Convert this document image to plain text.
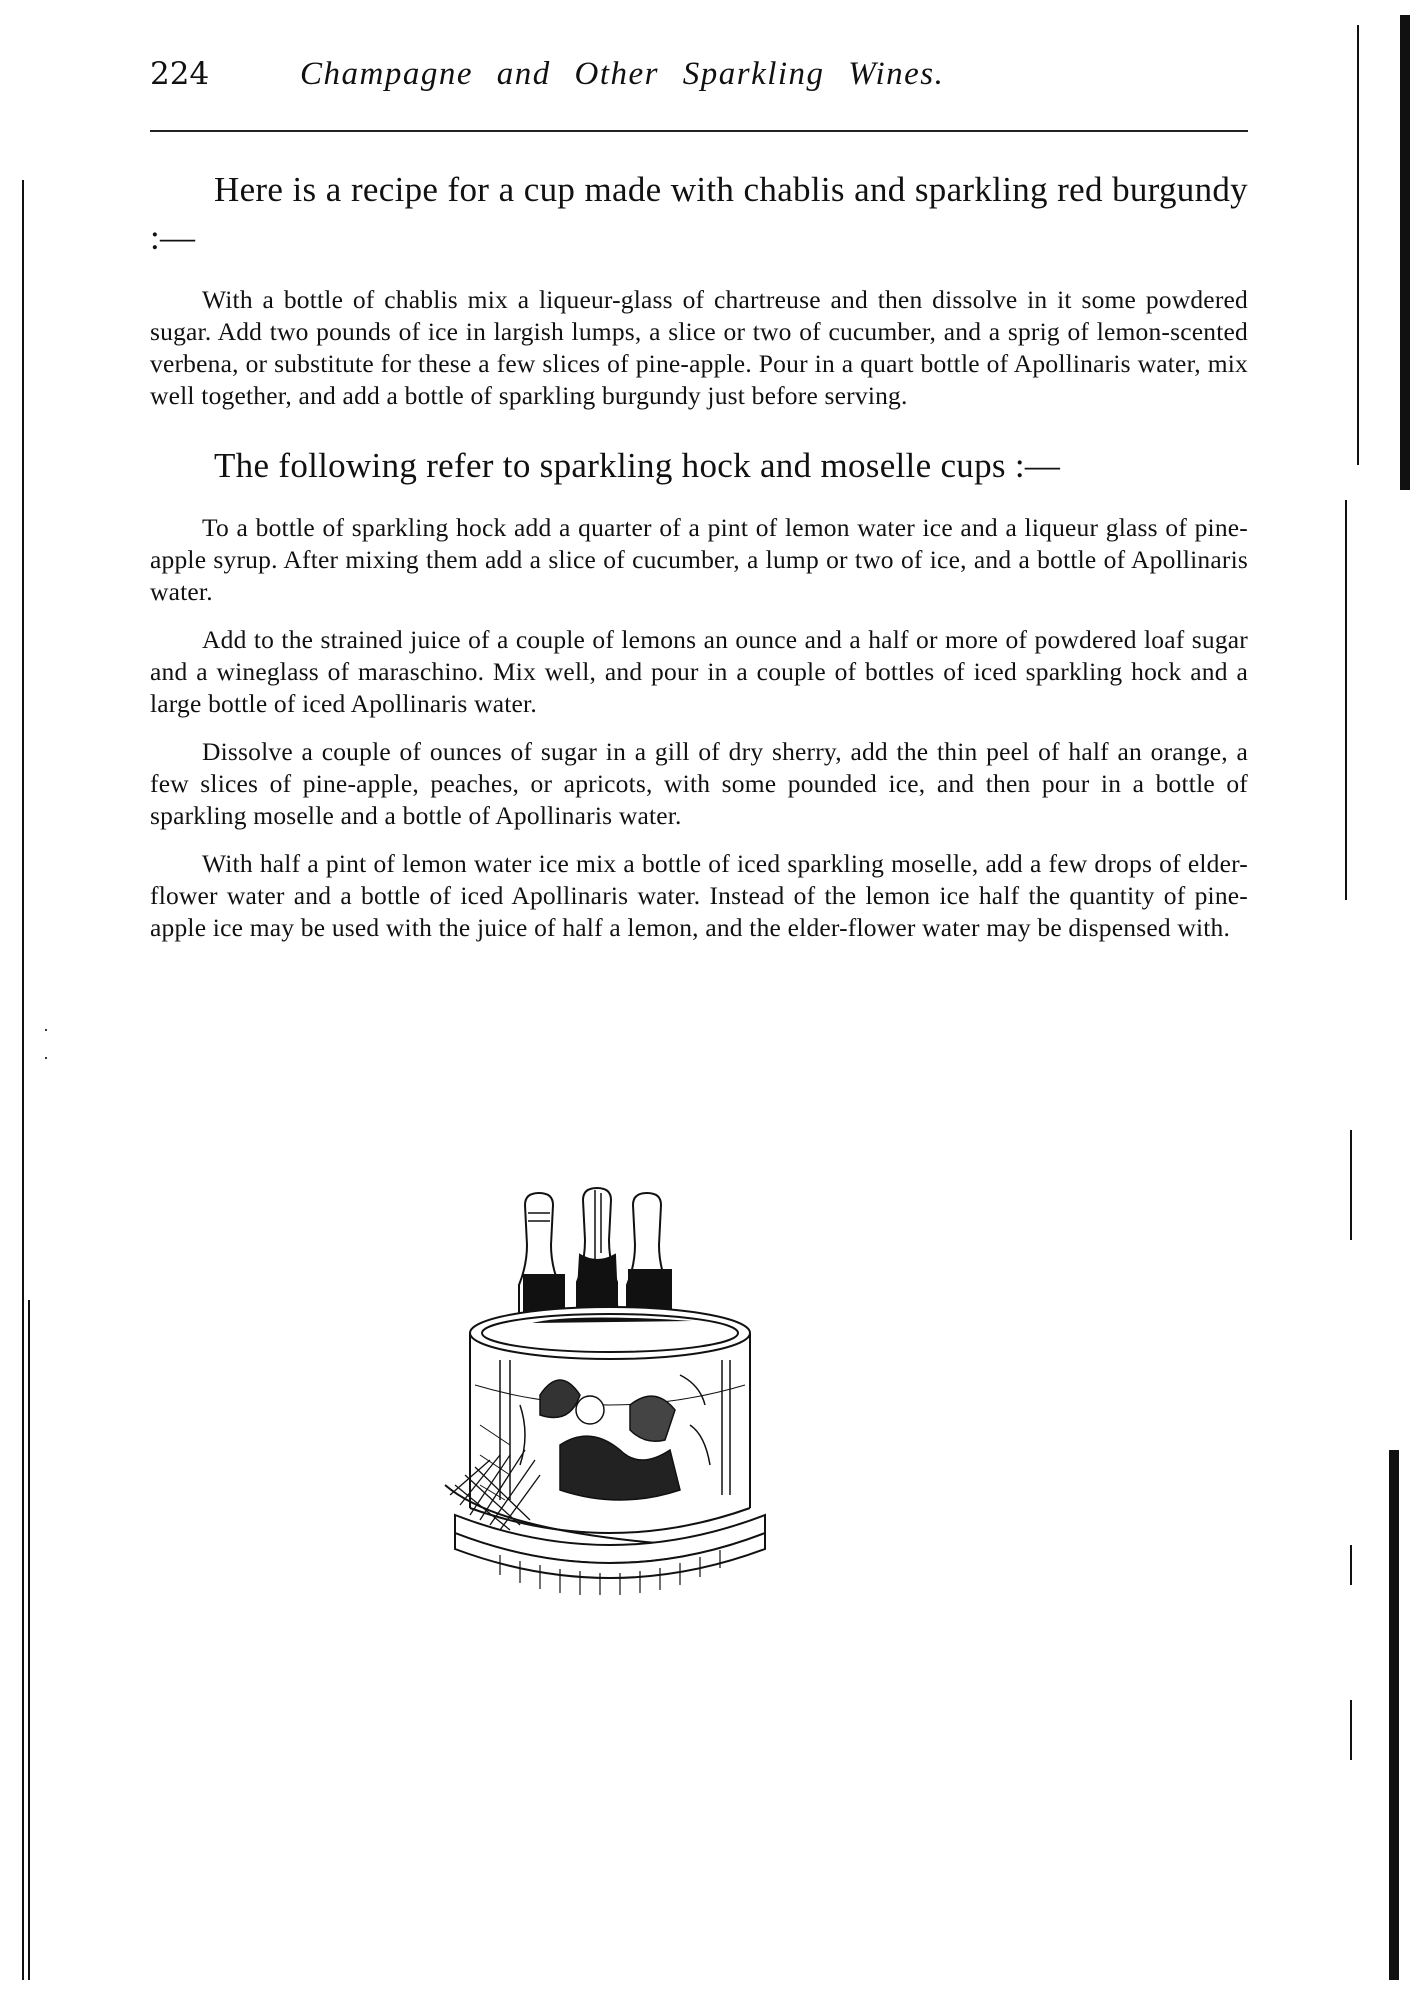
224	Champagne and Other Sparkling Wines.

Here is a recipe for a cup made with chablis and sparkling red burgundy :—

With a bottle of chablis mix a liqueur-glass of chartreuse and then dissolve in it some powdered sugar. Add two pounds of ice in largish lumps, a slice or two of cucumber, and a sprig of lemon-scented verbena, or substitute for these a few slices of pine-apple. Pour in a quart bottle of Apollinaris water, mix well together, and add a bottle of sparkling burgundy just before serving.

The following refer to sparkling hock and moselle cups :—

To a bottle of sparkling hock add a quarter of a pint of lemon water ice and a liqueur glass of pine-apple syrup. After mixing them add a slice of cucumber, a lump or two of ice, and a bottle of Apollinaris water.

Add to the strained juice of a couple of lemons an ounce and a half or more of powdered loaf sugar and a wineglass of maraschino. Mix well, and pour in a couple of bottles of iced sparkling hock and a large bottle of iced Apollinaris water.

Dissolve a couple of ounces of sugar in a gill of dry sherry, add the thin peel of half an orange, a few slices of pine-apple, peaches, or apricots, with some pounded ice, and then pour in a bottle of sparkling moselle and a bottle of Apollinaris water.

With half a pint of lemon water ice mix a bottle of iced sparkling moselle, add a few drops of elder-flower water and a bottle of iced Apollinaris water. Instead of the lemon ice half the quantity of pine-apple ice may be used with the juice of half a lemon, and the elder-flower water may be dispensed with.

·
·
